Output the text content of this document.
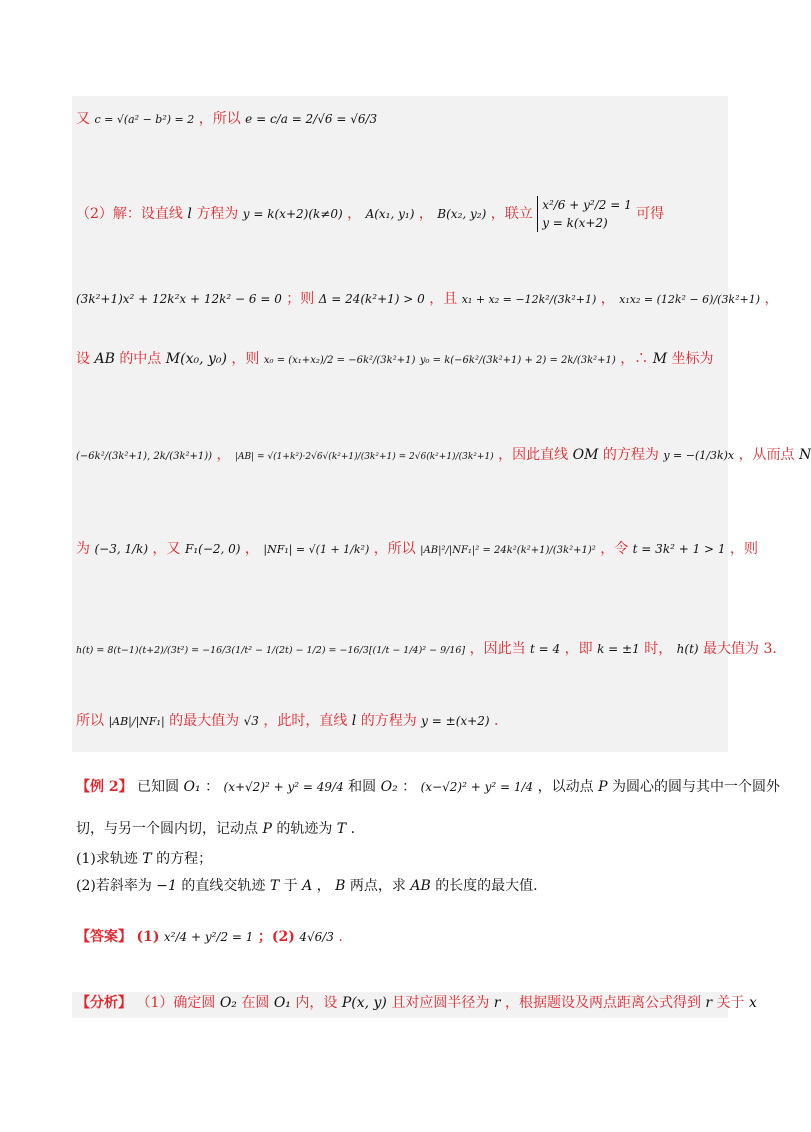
又 c = √(a² − b²) = 2 ，所以 e = c/a = 2/√6 = √6/3
（2）解：设直线 l 方程为 y = k(x+2)(k≠0) ， A(x₁, y₁) ， B(x₂, y₂) ，联立
x²/6 + y²/2 = 1
y = k(x+2)
可得
(3k²+1)x² + 12k²x + 12k² − 6 = 0 ；则 Δ = 24(k²+1) > 0 ，且 x₁ + x₂ = −12k²/(3k²+1) ， x₁x₂ = (12k² − 6)/(3k²+1) ，
设 AB 的中点 M(x₀, y₀) ，则 x₀ = (x₁+x₂)/2 = −6k²/(3k²+1) y₀ = k(−6k²/(3k²+1) + 2) = 2k/(3k²+1) ，∴ M 坐标为
(−6k²/(3k²+1), 2k/(3k²+1)) ， |AB| = √(1+k²)·2√6√(k²+1)/(3k²+1) = 2√6(k²+1)/(3k²+1) ，因此直线 OM 的方程为 y = −(1/3k)x ，从而点 N
为 (−3, 1/k) ，又 F₁(−2, 0) ， |NF₁| = √(1 + 1/k²) ，所以 |AB|²/|NF₁|² = 24k²(k²+1)/(3k²+1)² ，令 t = 3k² + 1 > 1 ，则
h(t) = 8(t−1)(t+2)/(3t²) = −16/3(1/t² − 1/(2t) − 1/2) = −16/3[(1/t − 1/4)² − 9/16] ，因此当 t = 4 ，即 k = ±1 时， h(t) 最大值为 3.
所以 |AB|/|NF₁| 的最大值为 √3 ，此时，直线 l 的方程为 y = ±(x+2) .
【例 2】 已知圆 O₁ ： (x+√2)² + y² = 49/4 和圆 O₂ ： (x−√2)² + y² = 1/4 ，以动点 P 为圆心的圆与其中一个圆外
切，与另一个圆内切，记动点 P 的轨迹为 T .
(1)求轨迹 T 的方程；
(2)若斜率为 −1 的直线交轨迹 T 于 A ， B 两点，求 AB 的长度的最大值.
【答案】 (1) x²/4 + y²/2 = 1 ；(2) 4√6/3 .
【分析】 （1）确定圆 O₂ 在圆 O₁ 内，设 P(x, y) 且对应圆半径为 r ，根据题设及两点距离公式得到 r 关于 x
